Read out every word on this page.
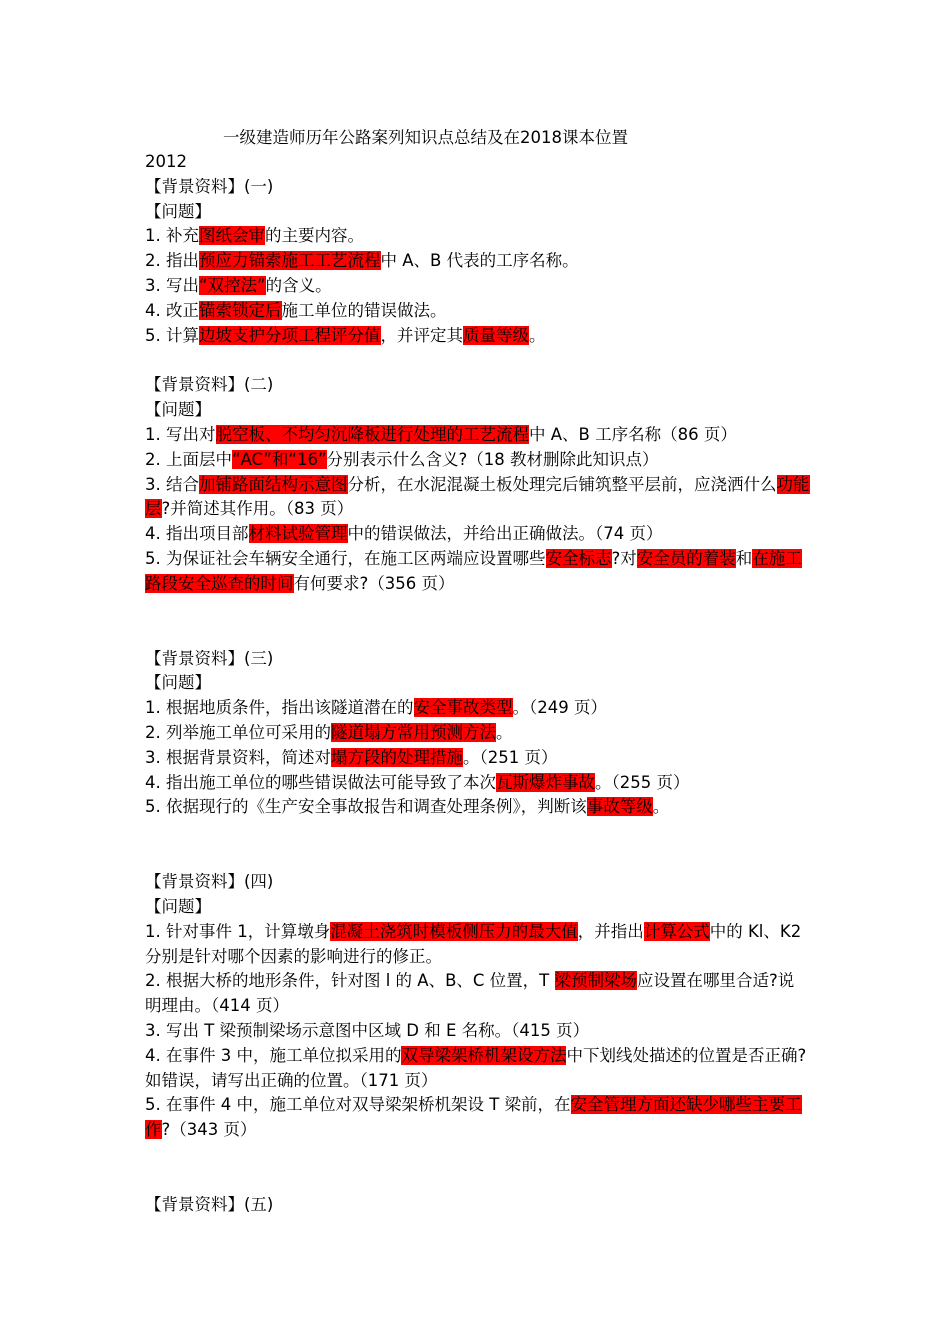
一级建造师历年公路案列知识点总结及在2018课本位置
2012
【背景资料】(一)
【问题】
1. 补充图纸会审的主要内容。
2. 指出预应力锚索施工工艺流程中 A、B 代表的工序名称。
3. 写出“双控法”的含义。
4. 改正锚索锁定后施工单位的错误做法。
5. 计算边坡支护分项工程评分值，并评定其质量等级。
【背景资料】(二)
【问题】
1. 写出对脱空板、不均匀沉降板进行处理的工艺流程中 A、B 工序名称（86 页）
2. 上面层中“AC”和“16”分别表示什么含义?（18 教材删除此知识点）
3. 结合加铺路面结构示意图分析，在水泥混凝土板处理完后铺筑整平层前，应浇洒什么功能层?并简述其作用。（83 页）
4. 指出项目部材料试验管理中的错误做法，并给出正确做法。（74 页）
5. 为保证社会车辆安全通行，在施工区两端应设置哪些安全标志?对安全员的着装和在施工路段安全巡查的时间有何要求?（356 页）
【背景资料】(三)
【问题】
1. 根据地质条件，指出该隧道潜在的安全事故类型。（249 页）
2. 列举施工单位可采用的隧道塌方常用预测方法。
3. 根据背景资料，简述对塌方段的处理措施。（251 页）
4. 指出施工单位的哪些错误做法可能导致了本次瓦斯爆炸事故。（255 页）
5. 依据现行的《生产安全事故报告和调查处理条例》，判断该事故等级。
【背景资料】(四)
【问题】
1. 针对事件 1，计算墩身混凝土浇筑时模板侧压力的最大值，并指出计算公式中的 Kl、K2 分别是针对哪个因素的影响进行的修正。
2. 根据大桥的地形条件，针对图 l 的 A、B、C 位置，T 梁预制梁场应设置在哪里合适?说明理由。（414 页）
3. 写出 T 梁预制梁场示意图中区域 D 和 E 名称。（415 页）
4. 在事件 3 中，施工单位拟采用的双导梁架桥机架设方法中下划线处描述的位置是否正确?如错误，请写出正确的位置。（171 页）
5. 在事件 4 中，施工单位对双导梁架桥机架设 T 梁前，在安全管理方面还缺少哪些主要工作?（343 页）
【背景资料】(五)
